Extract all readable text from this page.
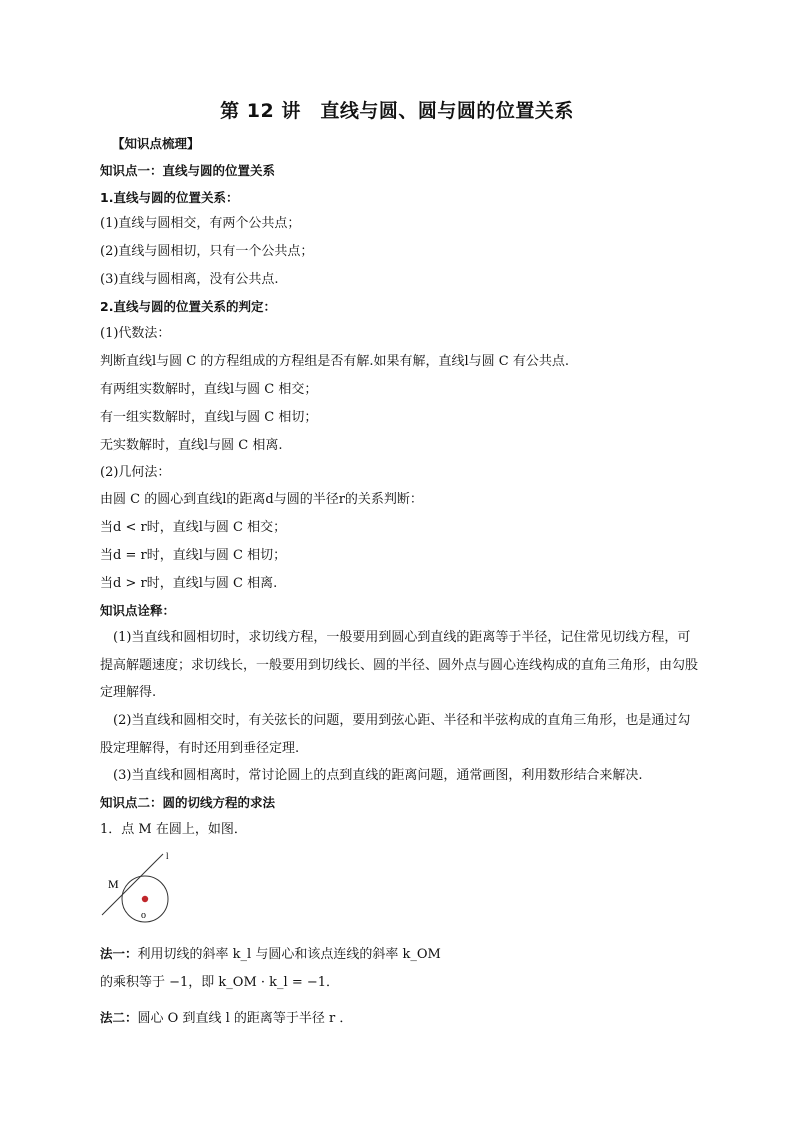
第 12 讲　直线与圆、圆与圆的位置关系
【知识点梳理】
知识点一：直线与圆的位置关系
1.直线与圆的位置关系：
(1)直线与圆相交，有两个公共点；
(2)直线与圆相切，只有一个公共点；
(3)直线与圆相离，没有公共点.
2.直线与圆的位置关系的判定：
(1)代数法：
判断直线l与圆 C 的方程组成的方程组是否有解.如果有解，直线l与圆 C 有公共点.
有两组实数解时，直线l与圆 C 相交；
有一组实数解时，直线l与圆 C 相切；
无实数解时，直线l与圆 C 相离.
(2)几何法：
由圆 C 的圆心到直线l的距离d与圆的半径r的关系判断：
当d < r时，直线l与圆 C 相交；
当d = r时，直线l与圆 C 相切；
当d > r时，直线l与圆 C 相离.
知识点诠释：
(1)当直线和圆相切时，求切线方程，一般要用到圆心到直线的距离等于半径，记住常见切线方程，可
提高解题速度；求切线长，一般要用到切线长、圆的半径、圆外点与圆心连线构成的直角三角形，由勾股
定理解得.
(2)当直线和圆相交时，有关弦长的问题，要用到弦心距、半径和半弦构成的直角三角形，也是通过勾
股定理解得，有时还用到垂径定理.
(3)当直线和圆相离时，常讨论圆上的点到直线的距离问题，通常画图，利用数形结合来解决.
知识点二：圆的切线方程的求法
1．点 M 在圆上，如图．
l
M
o
法一：利用切线的斜率 k_l 与圆心和该点连线的斜率 k_OM
的乘积等于 −1，即 k_OM · k_l = −1．
法二：圆心 O 到直线 l 的距离等于半径 r ．
